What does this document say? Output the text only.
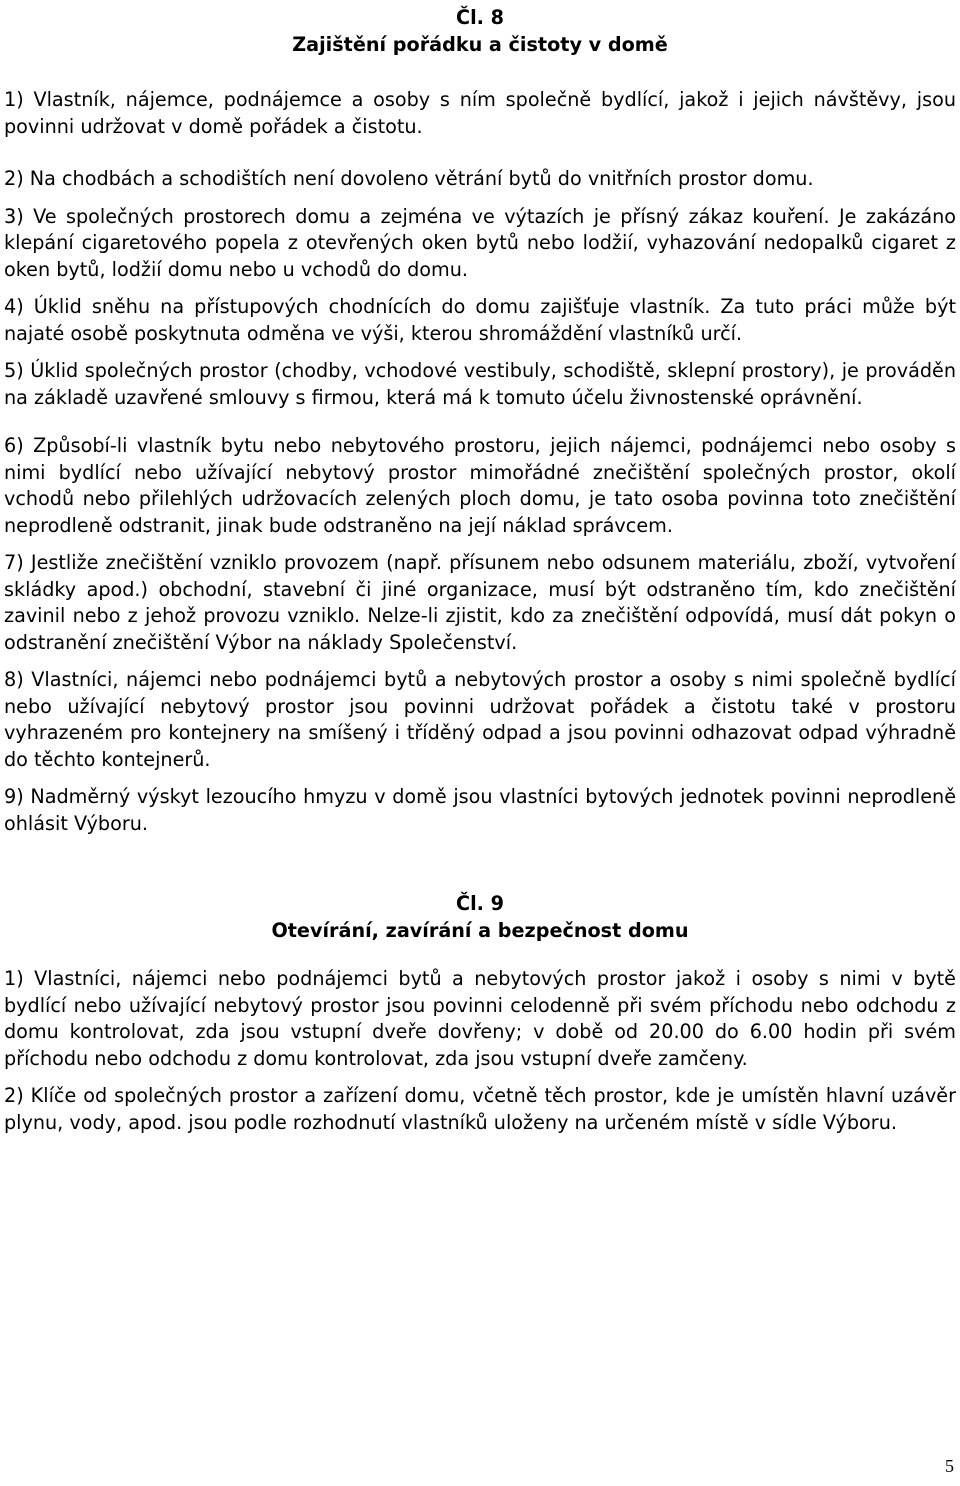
Čl. 8

Zajištění pořádku a čistoty v domě

1) Vlastník, nájemce, podnájemce a osoby s ním společně bydlící, jakož i jejich návštěvy, jsou povinni udržovat v domě pořádek a čistotu.

2) Na chodbách a schodištích není dovoleno větrání bytů do vnitřních prostor domu.

3) Ve společných prostorech domu a zejména ve výtazích je přísný zákaz kouření. Je zakázáno klepání cigaretového popela z otevřených oken bytů nebo lodžií, vyhazování nedopalků cigaret z oken bytů, lodžií domu nebo u vchodů do domu.

4) Úklid sněhu na přístupových chodnících do domu zajišťuje vlastník. Za tuto práci může být najaté osobě poskytnuta odměna ve výši, kterou shromáždění vlastníků určí.

5) Úklid společných prostor (chodby, vchodové vestibuly, schodiště, sklepní prostory), je prováděn na základě uzavřené smlouvy s firmou, která má k tomuto účelu živnostenské oprávnění.

6) Způsobí-li vlastník bytu nebo nebytového prostoru, jejich nájemci, podnájemci nebo osoby s nimi bydlící nebo užívající nebytový prostor mimořádné znečištění společných prostor, okolí vchodů nebo přilehlých udržovacích zelených ploch domu, je tato osoba povinna toto znečištění neprodleně odstranit, jinak bude odstraněno na její náklad správcem.

7) Jestliže znečištění vzniklo provozem (např. přísunem nebo odsunem materiálu, zboží, vytvoření skládky apod.) obchodní, stavební či jiné organizace, musí být odstraněno tím, kdo znečištění zavinil nebo z jehož provozu vzniklo. Nelze-li zjistit, kdo za znečištění odpovídá, musí dát pokyn o odstranění znečištění Výbor na náklady Společenství.

8) Vlastníci, nájemci nebo podnájemci bytů a nebytových prostor a osoby s nimi společně bydlící nebo užívající nebytový prostor jsou povinni udržovat pořádek a čistotu také v prostoru vyhrazeném pro kontejnery na smíšený i tříděný odpad a jsou povinni odhazovat odpad výhradně do těchto kontejnerů.

9) Nadměrný výskyt lezoucího hmyzu v domě jsou vlastníci bytových jednotek povinni neprodleně ohlásit Výboru.

Čl. 9

Otevírání, zavírání a bezpečnost domu

1) Vlastníci, nájemci nebo podnájemci bytů a nebytových prostor jakož i osoby s nimi v bytě bydlící nebo užívající nebytový prostor jsou povinni celodenně při svém příchodu nebo odchodu z domu kontrolovat, zda jsou vstupní dveře dovřeny; v době od 20.00 do 6.00 hodin při svém příchodu nebo odchodu z domu kontrolovat, zda jsou vstupní dveře zamčeny.

2) Klíče od společných prostor a zařízení domu, včetně těch prostor, kde je umístěn hlavní uzávěr plynu, vody, apod. jsou podle rozhodnutí vlastníků uloženy na určeném místě v sídle Výboru.

5
